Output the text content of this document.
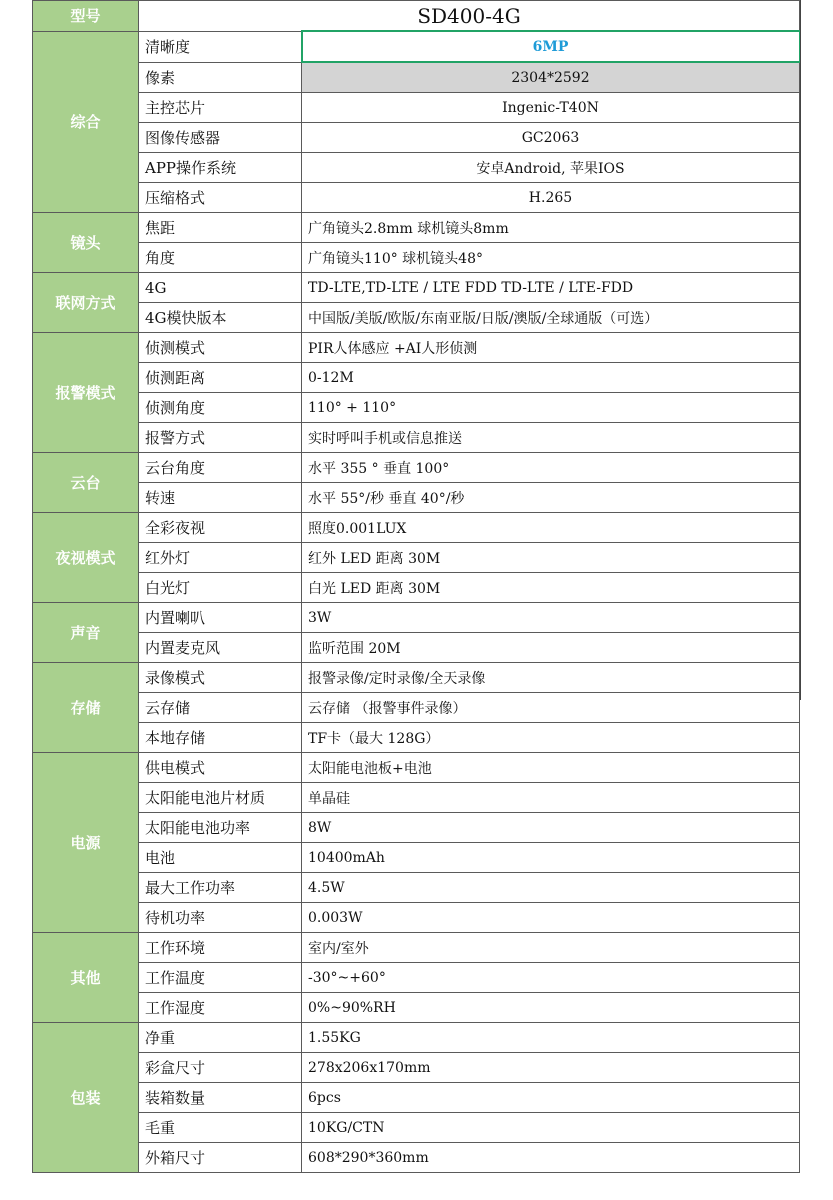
型号	SD400-4G	
综合	清晰度	6MP
	像素	2304*2592
	主控芯片	Ingenic-T40N
	图像传感器	GC2063
	APP操作系统	安卓Android, 苹果IOS
	压缩格式	H.265
镜头	焦距	广角镜头2.8mm 球机镜头8mm
	角度	广角镜头110° 球机镜头48°
联网方式	4G	TD-LTE,TD-LTE / LTE FDD TD-LTE / LTE-FDD
	4G模快版本	中国版/美版/欧版/东南亚版/日版/澳版/全球通版（可选）
报警模式	侦测模式	PIR人体感应 +AI人形侦测
	侦测距离	0-12M
	侦测角度	110° + 110°
	报警方式	实时呼叫手机或信息推送
云台	云台角度	水平 355 ° 垂直 100°
	转速	水平 55°/秒 垂直 40°/秒
夜视模式	全彩夜视	照度0.001LUX
	红外灯	红外 LED 距离 30M
	白光灯	白光 LED 距离 30M
声音	内置喇叭	3W
	内置麦克风	监听范围 20M
存储	录像模式	报警录像/定时录像/全天录像
	云存储	云存储 （报警事件录像）
	本地存储	TF卡（最大 128G）
电源	供电模式	太阳能电池板+电池
	太阳能电池片材质	单晶硅
	太阳能电池功率	8W
	电池	10400mAh
	最大工作功率	4.5W
	待机功率	0.003W
其他	工作环境	室内/室外
	工作温度	-30°~+60°
	工作湿度	0%~90%RH
包装	净重	1.55KG
	彩盒尺寸	278x206x170mm
	装箱数量	6pcs
	毛重	10KG/CTN
	外箱尺寸	608*290*360mm
